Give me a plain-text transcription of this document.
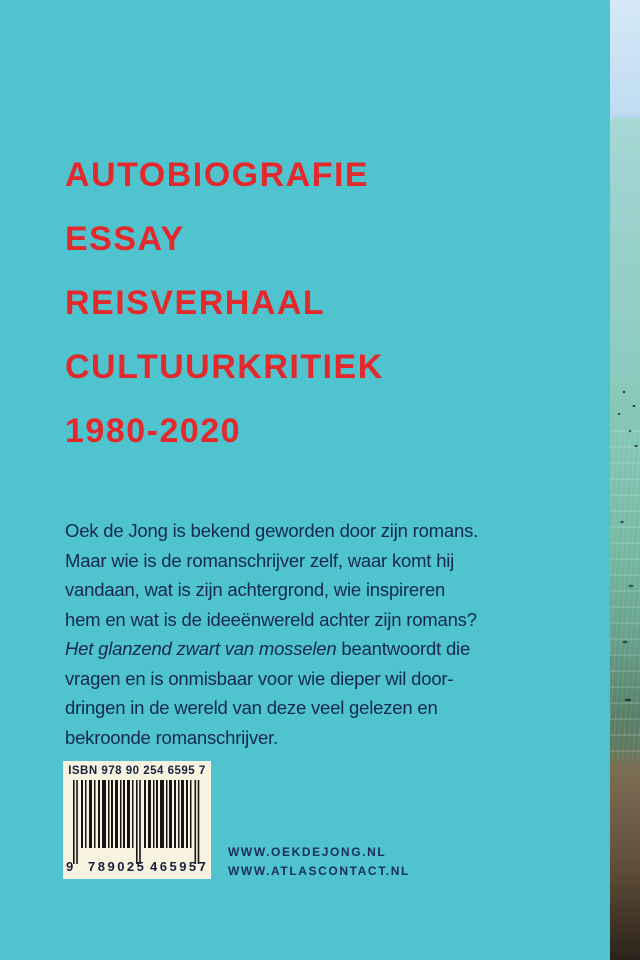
AUTOBIOGRAFIE
ESSAY
REISVERHAAL
CULTUURKRITIEK
1980-2020
Oek de Jong is bekend geworden door zijn romans.
Maar wie is de romanschrijver zelf, waar komt hij
vandaan, wat is zijn achtergrond, wie inspireren
hem en wat is de ideeënwereld achter zijn romans?
Het glanzend zwart van mosselen beantwoordt die
vragen en is onmisbaar voor wie dieper wil door-
dringen in de wereld van deze veel gelezen en
bekroonde romanschrijver.
ISBN 978 90 254 6595 7
9 789025 465957
WWW.OEKDEJONG.NL
WWW.ATLASCONTACT.NL
